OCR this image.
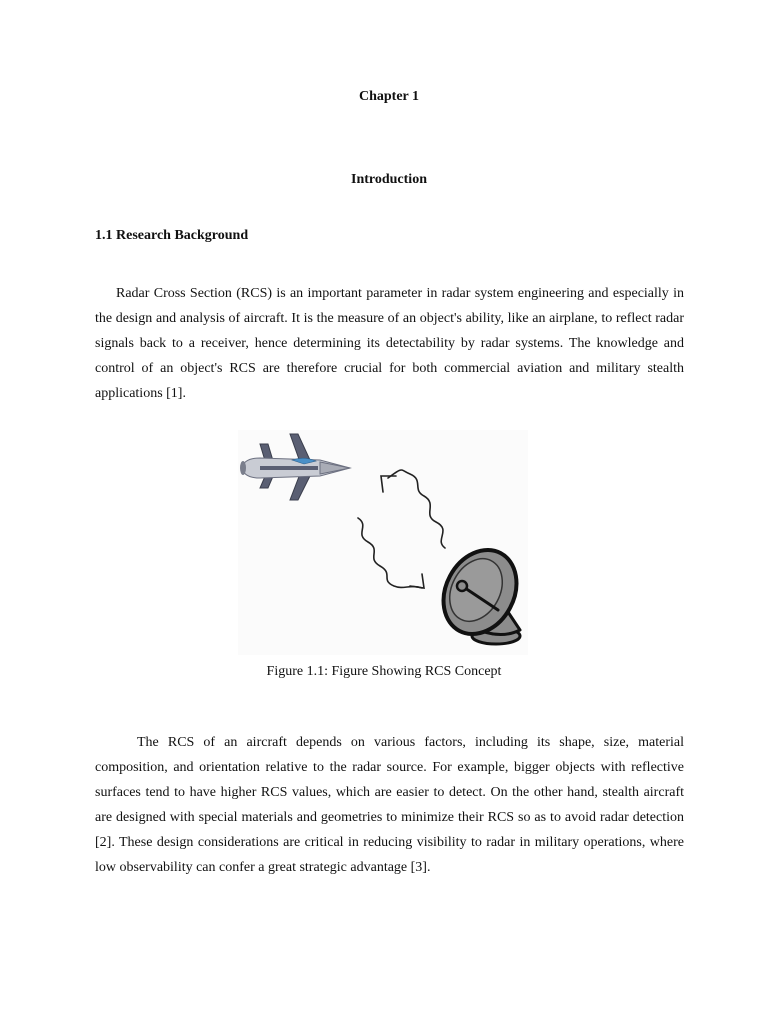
Chapter 1
Introduction
1.1 Research Background

Radar Cross Section (RCS) is an important parameter in radar system engineering and especially in the design and analysis of aircraft. It is the measure of an object's ability, like an airplane, to reflect radar signals back to a receiver, hence determining its detectability by radar systems. The knowledge and control of an object's RCS are therefore crucial for both commercial aviation and military stealth applications [1].

Figure 1.1: Figure Showing RCS Concept

The RCS of an aircraft depends on various factors, including its shape, size, material composition, and orientation relative to the radar source. For example, bigger objects with reflective surfaces tend to have higher RCS values, which are easier to detect. On the other hand, stealth aircraft are designed with special materials and geometries to minimize their RCS so as to avoid radar detection [2]. These design considerations are critical in reducing visibility to radar in military operations, where low observability can confer a great strategic advantage [3].
